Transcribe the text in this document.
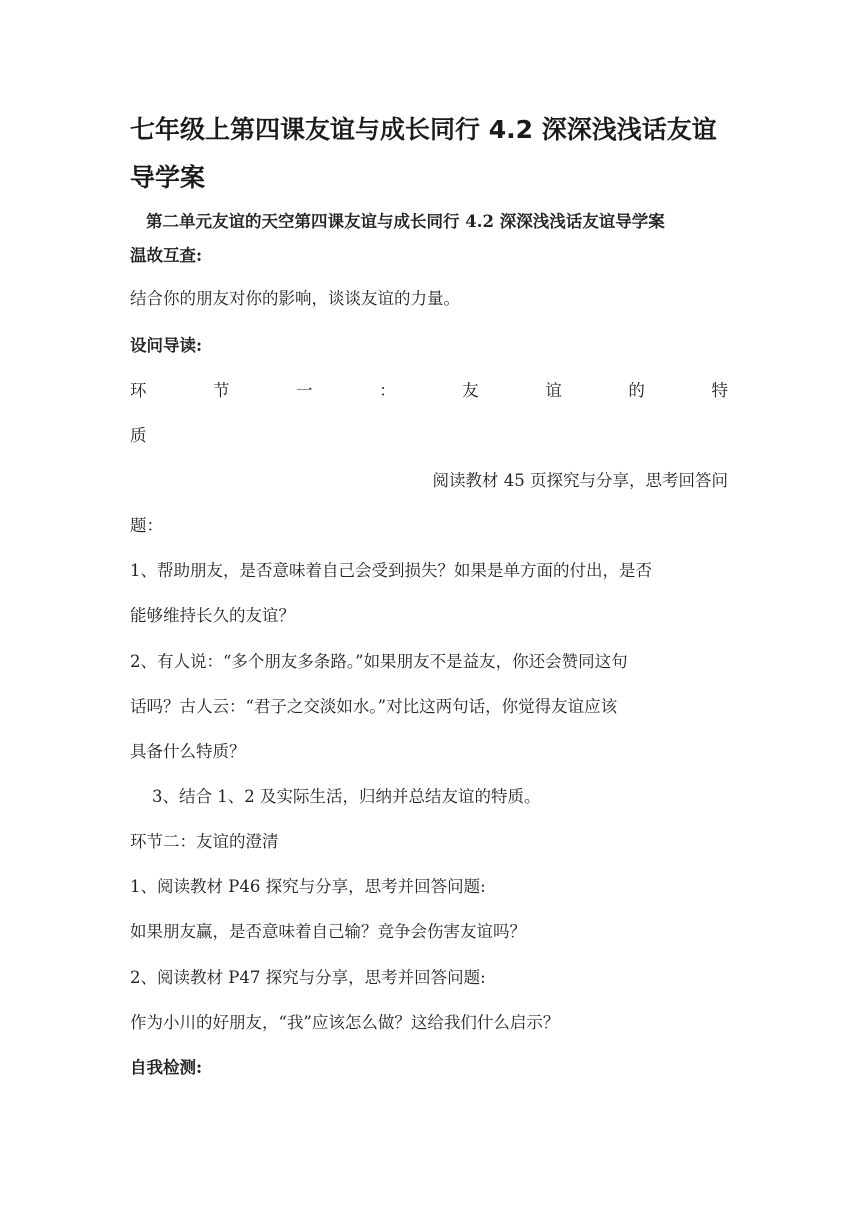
七年级上第四课友谊与成长同行 4.2 深深浅浅话友谊导学案
第二单元友谊的天空第四课友谊与成长同行 4.2 深深浅浅话友谊导学案
温故互查:
结合你的朋友对你的影响，谈谈友谊的力量。
设问导读:
环	节	一	：	友	谊	的	特
质
阅读教材 45 页探究与分享，思考回答问
题：
1、帮助朋友，是否意味着自己会受到损失？如果是单方面的付出，是否
能够维持长久的友谊？
2、有人说：“多个朋友多条路。”如果朋友不是益友，你还会赞同这句
话吗？古人云：“君子之交淡如水。”对比这两句话，你觉得友谊应该
具备什么特质？
3、结合 1、2 及实际生活，归纳并总结友谊的特质。
环节二：友谊的澄清
1、阅读教材 P46 探究与分享，思考并回答问题:
如果朋友赢，是否意味着自己输？竞争会伤害友谊吗？
2、阅读教材 P47 探究与分享，思考并回答问题:
作为小川的好朋友，“我”应该怎么做？这给我们什么启示？
自我检测:
